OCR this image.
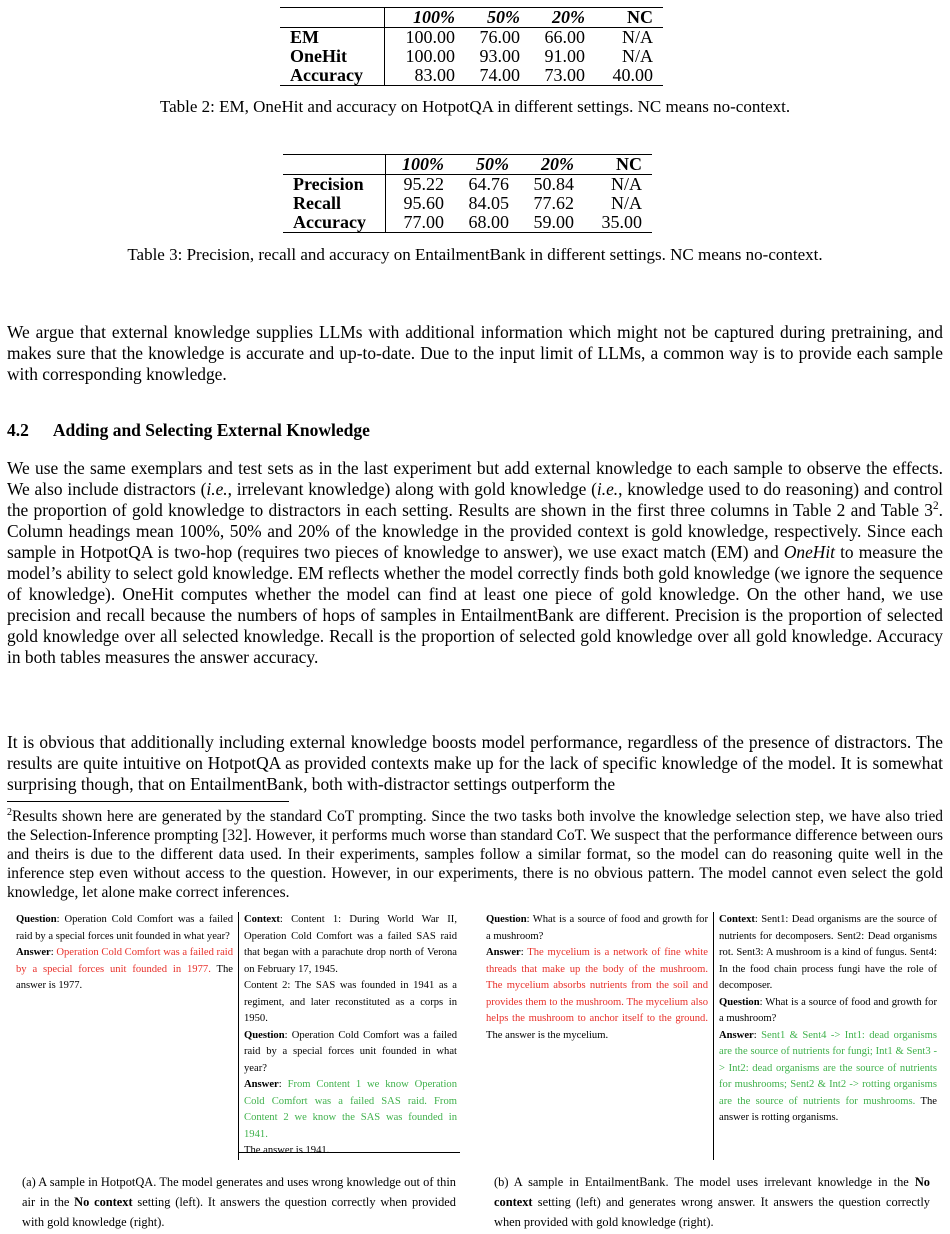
	100%	50%	20%	NC
EM	100.00	76.00	66.00	N/A
OneHit	100.00	93.00	91.00	N/A
Accuracy	83.00	74.00	73.00	40.00
Table 2: EM, OneHit and accuracy on HotpotQA in different settings. NC means no-context.
	100%	50%	20%	NC
Precision	95.22	64.76	50.84	N/A
Recall	95.60	84.05	77.62	N/A
Accuracy	77.00	68.00	59.00	35.00
Table 3: Precision, recall and accuracy on EntailmentBank in different settings. NC means no-context.

We argue that external knowledge supplies LLMs with additional information which might not be captured during pretraining, and makes sure that the knowledge is accurate and up-to-date. Due to the input limit of LLMs, a common way is to provide each sample with corresponding knowledge.

4.2 Adding and Selecting External Knowledge

We use the same exemplars and test sets as in the last experiment but add external knowledge to each sample to observe the effects. We also include distractors (i.e., irrelevant knowledge) along with gold knowledge (i.e., knowledge used to do reasoning) and control the proportion of gold knowledge to distractors in each setting. Results are shown in the first three columns in Table 2 and Table $3^2$. Column headings mean 100%, 50% and 20% of the knowledge in the provided context is gold knowledge, respectively. Since each sample in HotpotQA is two-hop (requires two pieces of knowledge to answer), we use exact match (EM) and OneHit to measure the model’s ability to select gold knowledge. EM reflects whether the model correctly finds both gold knowledge (we ignore the sequence of knowledge). OneHit computes whether the model can find at least one piece of gold knowledge. On the other hand, we use precision and recall because the numbers of hops of samples in EntailmentBank are different. Precision is the proportion of selected gold knowledge over all selected knowledge. Recall is the proportion of selected gold knowledge over all gold knowledge. Accuracy in both tables measures the answer accuracy.

It is obvious that additionally including external knowledge boosts model performance, regardless of the presence of distractors. The results are quite intuitive on HotpotQA as provided contexts make up for the lack of specific knowledge of the model. It is somewhat surprising though, that on EntailmentBank, both with-distractor settings outperform the

$^2$Results shown here are generated by the standard CoT prompting. Since the two tasks both involve the knowledge selection step, we have also tried the Selection-Inference prompting [32]. However, it performs much worse than standard CoT. We suspect that the performance difference between ours and theirs is due to the different data used. In their experiments, samples follow a similar format, so the model can do reasoning quite well in the inference step even without access to the question. However, in our experiments, there is no obvious pattern. The model cannot even select the gold knowledge, let alone make correct inferences.

Question: Operation Cold Comfort was a failed raid by a special forces unit founded in what year?
Answer: Operation Cold Comfort was a failed raid by a special forces unit founded in 1977. The answer is 1977.
Context: Content 1: During World War II, Operation Cold Comfort was a failed SAS raid that began with a parachute drop north of Verona on February 17, 1945.
Content 2: The SAS was founded in 1941 as a regiment, and later reconstituted as a corps in 1950.
Question: Operation Cold Comfort was a failed raid by a special forces unit founded in what year?
Answer: From Content 1 we know Operation Cold Comfort was a failed SAS raid. From Content 2 we know the SAS was founded in 1941.
The answer is 1941.
Question: What is a source of food and growth for a mushroom?
Answer: The mycelium is a network of fine white threads that make up the body of the mushroom. The mycelium absorbs nutrients from the soil and provides them to the mushroom. The mycelium also helps the mushroom to anchor itself to the ground. The answer is the mycelium.
Context: Sent1: Dead organisms are the source of nutrients for decomposers. Sent2: Dead organisms rot. Sent3: A mushroom is a kind of fungus. Sent4: In the food chain process fungi have the role of decomposer.
Question: What is a source of food and growth for a mushroom?
Answer: Sent1 & Sent4 -> Int1: dead organisms are the source of nutrients for fungi; Int1 & Sent3 -> Int2: dead organisms are the source of nutrients for mushrooms; Sent2 & Int2 -> rotting organisms are the source of nutrients for mushrooms. The answer is rotting organisms.

(a) A sample in HotpotQA. The model generates and uses wrong knowledge out of thin air in the No context setting (left). It answers the question correctly when provided with gold knowledge (right).

(b) A sample in EntailmentBank. The model uses irrelevant knowledge in the No context setting (left) and generates wrong answer. It answers the question correctly when provided with gold knowledge (right).
